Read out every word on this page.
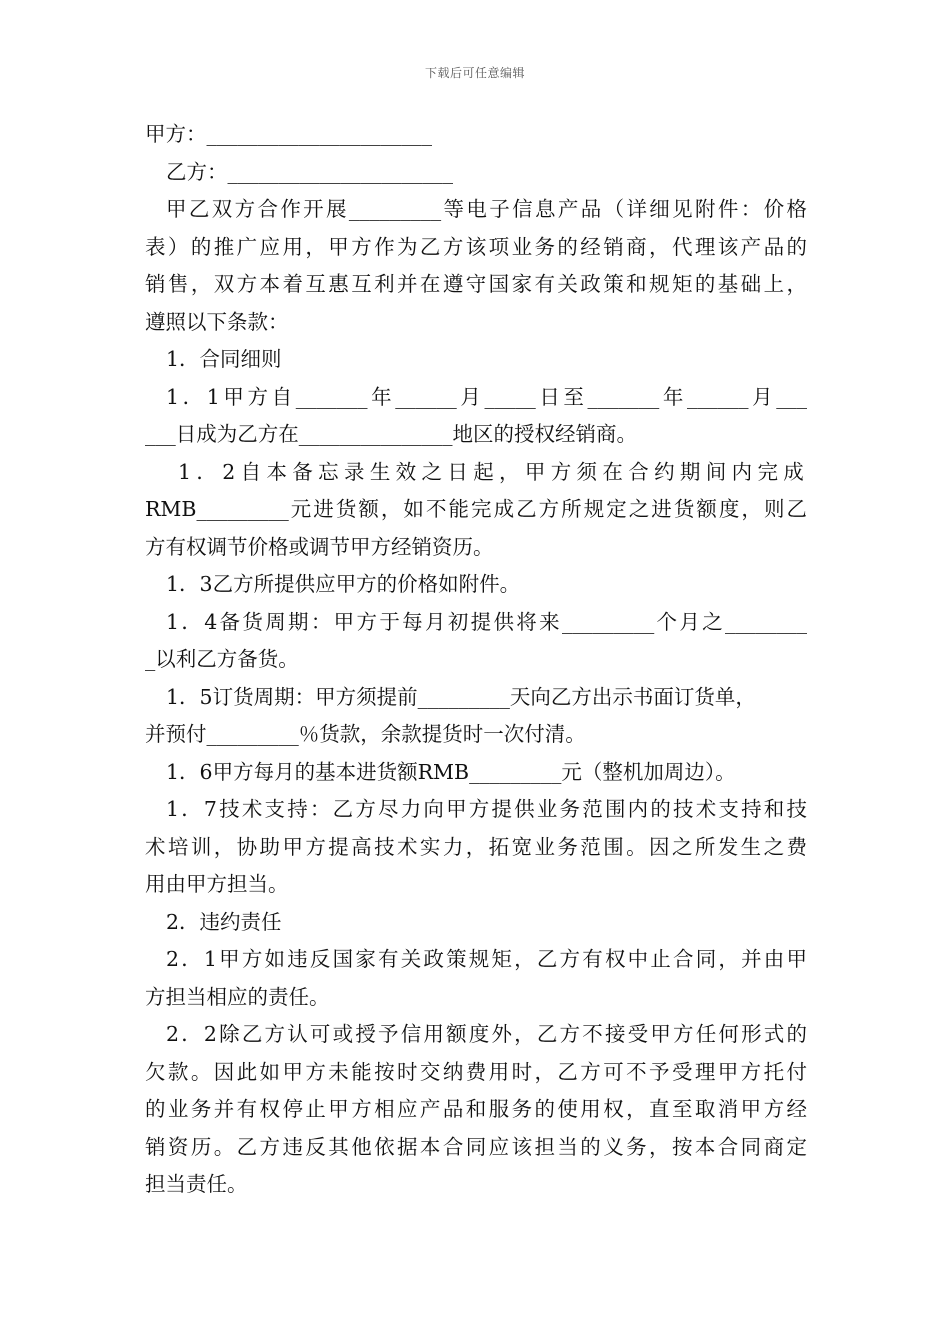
下载后可任意编辑
甲方：______________________
乙方：______________________
甲乙双方合作开展_________等电子信息产品（详细见附件：价格
表）的推广应用，甲方作为乙方该项业务的经销商，代理该产品的
销售，双方本着互惠互利并在遵守国家有关政策和规矩的基础上，
遵照以下条款：
1．合同细则
1．1甲方自_______年______月_____日至_______年______月___
___日成为乙方在_______________地区的授权经销商。
1．2自本备忘录生效之日起，甲方须在合约期间内完成
RMB_________元进货额，如不能完成乙方所规定之进货额度，则乙
方有权调节价格或调节甲方经销资历。
1．3乙方所提供应甲方的价格如附件。
1．4备货周期：甲方于每月初提供将来_________个月之________
_以利乙方备货。
1．5订货周期：甲方须提前_________天向乙方出示书面订货单，
并预付_________％货款，余款提货时一次付清。
1．6甲方每月的基本进货额RMB_________元（整机加周边）。
1．7技术支持：乙方尽力向甲方提供业务范围内的技术支持和技
术培训，协助甲方提高技术实力，拓宽业务范围。因之所发生之费
用由甲方担当。
2．违约责任
2．1甲方如违反国家有关政策规矩，乙方有权中止合同，并由甲
方担当相应的责任。
2．2除乙方认可或授予信用额度外，乙方不接受甲方任何形式的
欠款。因此如甲方未能按时交纳费用时，乙方可不予受理甲方托付
的业务并有权停止甲方相应产品和服务的使用权，直至取消甲方经
销资历。乙方违反其他依据本合同应该担当的义务，按本合同商定
担当责任。
